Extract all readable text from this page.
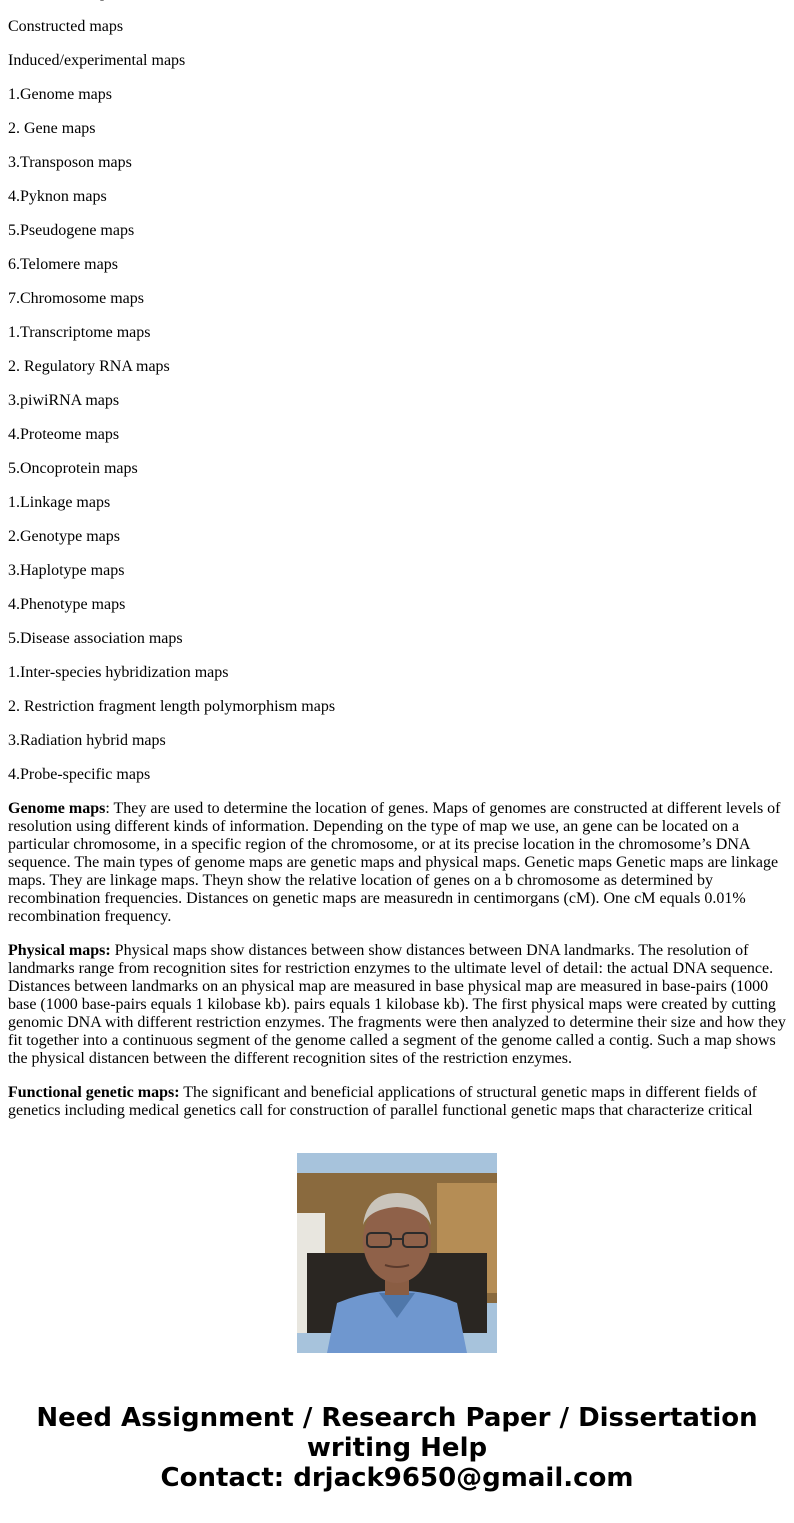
Constructed maps

Induced/experimental maps

1.Genome maps

2. Gene maps

3.Transposon maps

4.Pyknon maps

5.Pseudogene maps

6.Telomere maps

7.Chromosome maps

1.Transcriptome maps

2. Regulatory RNA maps

3.piwiRNA maps

4.Proteome maps

5.Oncoprotein maps

1.Linkage maps

2.Genotype maps

3.Haplotype maps

4.Phenotype maps

5.Disease association maps

1.Inter-species hybridization maps

2. Restriction fragment length polymorphism maps

3.Radiation hybrid maps

4.Probe-specific maps

Genome maps: They are used to determine the location of genes. Maps of genomes are constructed at different levels of resolution using different kinds of information. Depending on the type of map we use, an gene can be located on a particular chromosome, in a specific region of the chromosome, or at its precise location in the chromosome’s DNA sequence. The main types of genome maps are genetic maps and physical maps. Genetic maps Genetic maps are linkage maps. They are linkage maps. Theyn show the relative location of genes on a b chromosome as determined by recombination frequencies. Distances on genetic maps are measuredn in centimorgans (cM). One cM equals 0.01% recombination frequency.

Physical maps: Physical maps show distances between show distances between DNA landmarks. The resolution of landmarks range from recognition sites for restriction enzymes to the ultimate level of detail: the actual DNA sequence. Distances between landmarks on an physical map are measured in base physical map are measured in base-pairs (1000 base (1000 base-pairs equals 1 kilobase kb). pairs equals 1 kilobase kb). The first physical maps were created by cutting genomic DNA with different restriction enzymes. The fragments were then analyzed to determine their size and how they fit together into a continuous segment of the genome called a segment of the genome called a contig. Such a map shows the physical distancen between the different recognition sites of the restriction enzymes.

Functional genetic maps: The significant and beneficial applications of structural genetic maps in different fields of genetics including medical genetics call for construction of parallel functional genetic maps that characterize critical

Need Assignment / Research Paper / Dissertation
writing Help
Contact: drjack9650@gmail.com
